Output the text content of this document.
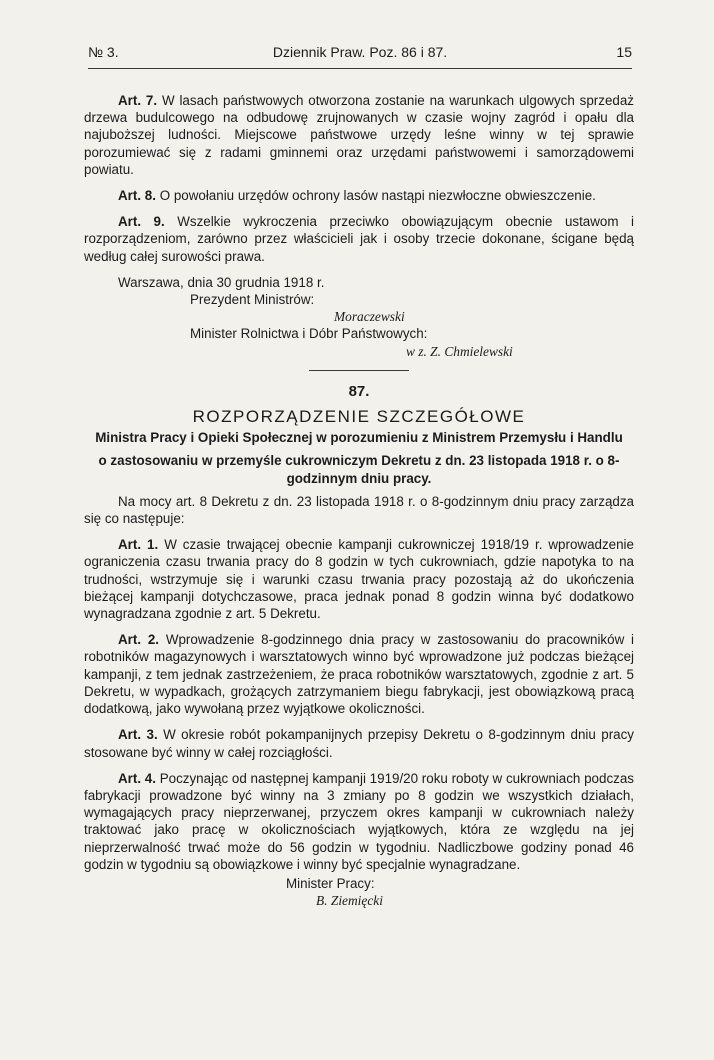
№ 3.	Dziennik Praw. Poz. 86 i 87.	15

Art. 7. W lasach państwowych otworzona zostanie na warunkach ulgowych sprzedaż drzewa budulcowego na odbudowę zrujnowanych w czasie wojny zagród i opału dla najuboższej ludności. Miejscowe państwowe urzędy leśne winny w tej sprawie porozumiewać się z radami gminnemi oraz urzędami państwowemi i samorządowemi powiatu.

Art. 8. O powołaniu urzędów ochrony lasów nastąpi niezwłoczne obwieszczenie.

Art. 9. Wszelkie wykroczenia przeciwko obowiązującym obecnie ustawom i rozporządzeniom, zarówno przez właścicieli jak i osoby trzecie dokonane, ścigane będą według całej surowości prawa.

Warszawa, dnia 30 grudnia 1918 r.

Prezydent Ministrów:

Moraczewski

Minister Rolnictwa i Dóbr Państwowych:

w z. Z. Chmielewski

87.
ROZPORZĄDZENIE SZCZEGÓŁOWE
Ministra Pracy i Opieki Społecznej w porozumieniu z Ministrem Przemysłu i Handlu
o zastosowaniu w przemyśle cukrowniczym Dekretu z dn. 23 listopada 1918 r. o 8-godzinnym dniu pracy.

Na mocy art. 8 Dekretu z dn. 23 listopada 1918 r. o 8-godzinnym dniu pracy zarządza się co następuje:

Art. 1. W czasie trwającej obecnie kampanji cukrowniczej 1918/19 r. wprowadzenie ograniczenia czasu trwania pracy do 8 godzin w tych cukrowniach, gdzie napotyka to na trudności, wstrzymuje się i warunki czasu trwania pracy pozostają aż do ukończenia bieżącej kampanji dotychczasowe, praca jednak ponad 8 godzin winna być dodatkowo wynagradzana zgodnie z art. 5 Dekretu.

Art. 2. Wprowadzenie 8-godzinnego dnia pracy w zastosowaniu do pracowników i robotników magazynowych i warsztatowych winno być wprowadzone już podczas bieżącej kampanji, z tem jednak zastrzeżeniem, że praca robotników warsztatowych, zgodnie z art. 5 Dekretu, w wypadkach, grożących zatrzymaniem biegu fabrykacji, jest obowiązkową pracą dodatkową, jako wywołaną przez wyjątkowe okoliczności.

Art. 3. W okresie robót pokampanijnych przepisy Dekretu o 8-godzinnym dniu pracy stosowane być winny w całej rozciągłości.

Art. 4. Poczynając od następnej kampanji 1919/20 roku roboty w cukrowniach podczas fabrykacji prowadzone być winny na 3 zmiany po 8 godzin we wszystkich działach, wymagających pracy nieprzerwanej, przyczem okres kampanji w cukrowniach należy traktować jako pracę w okolicznościach wyjątkowych, która ze względu na jej nieprzerwalność trwać może do 56 godzin w tygodniu. Nadliczbowe godziny ponad 46 godzin w tygodniu są obowiązkowe i winny być specjalnie wynagradzane.

Minister Pracy:

B. Ziemięcki
